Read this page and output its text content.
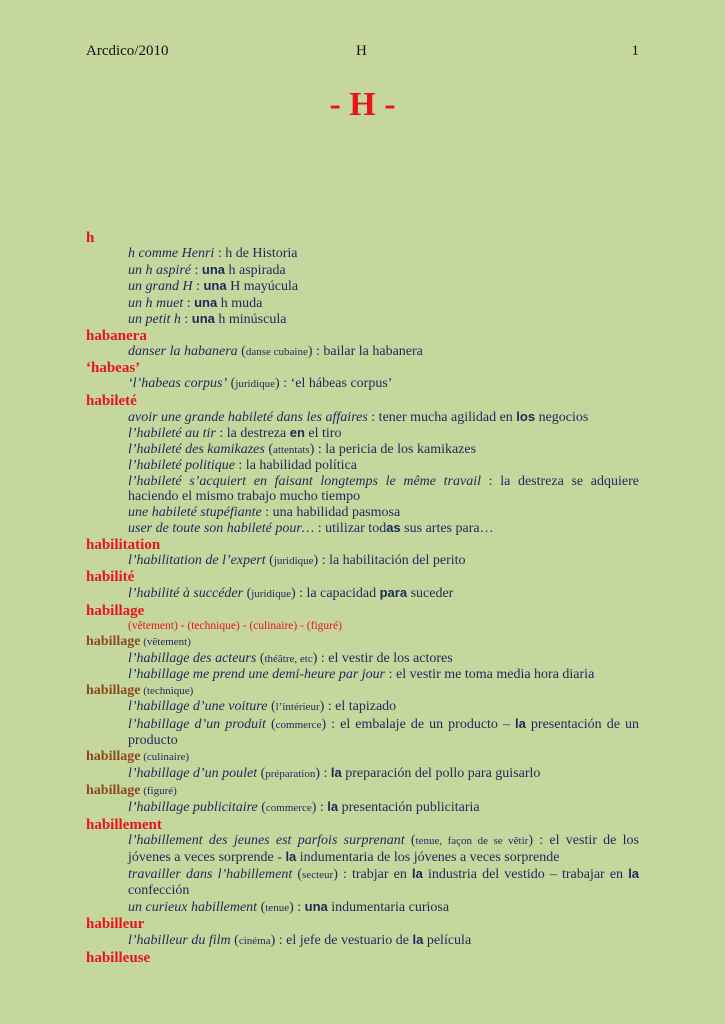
Arcdico/2010	H	1
- H -
h
h comme Henri : h de Historia
un h aspiré : una h aspirada
un grand H : una H mayúcula
un h muet : una h muda
un petit h : una h minúscula
habanera
danser la habanera (danse cubaine) : bailar la habanera
‘habeas’
‘l’habeas corpus’ (juridique) : ‘el hábeas corpus’
habileté
avoir une grande habileté dans les affaires : tener mucha agilidad en los negocios
l’habileté au tir : la destreza en el tiro
l’habileté des kamikazes (attentats) : la pericia de los kamikazes
l’habileté politique : la habilidad política
l’habileté s’acquiert en faisant longtemps le même travail : la destreza se adquiere haciendo el mismo trabajo mucho tiempo
une habileté stupéfiante : una habilidad pasmosa
user de toute son habileté pour… : utilizar todas sus artes para…
habilitation
l’habilitation de l’expert (juridique) : la habilitación del perito
habilité
l’habilité à succéder (juridique) : la capacidad para suceder
habillage
(vêtement) - (technique) - (culinaire) - (figuré)
habillage (vêtement)
l’habillage des acteurs (théâtre, etc) : el vestir de los actores
l’habillage me prend une demi-heure par jour : el vestir me toma media hora diaria
habillage (technique)
l’habillage d’une voiture (l’intérieur) : el tapizado
l’habillage d’un produit (commerce) : el embalaje de un producto – la presentación de un producto
habillage (culinaire)
l’habillage d’un poulet (préparation) : la preparación del pollo para guisarlo
habillage (figuré)
l’habillage publicitaire (commerce) : la presentación publicitaria
habillement
l’habillement des jeunes est parfois surprenant (tenue, façon de se vêtir) : el vestir de los jóvenes a veces sorprende - la indumentaria de los jóvenes a veces sorprende
travailler dans l’habillement (secteur) : trabjar en la industria del vestido – trabajar en la confección
un curieux habillement (tenue) : una indumentaria curiosa
habilleur
l’habilleur du film (cinéma) : el jefe de vestuario de la película
habilleuse
